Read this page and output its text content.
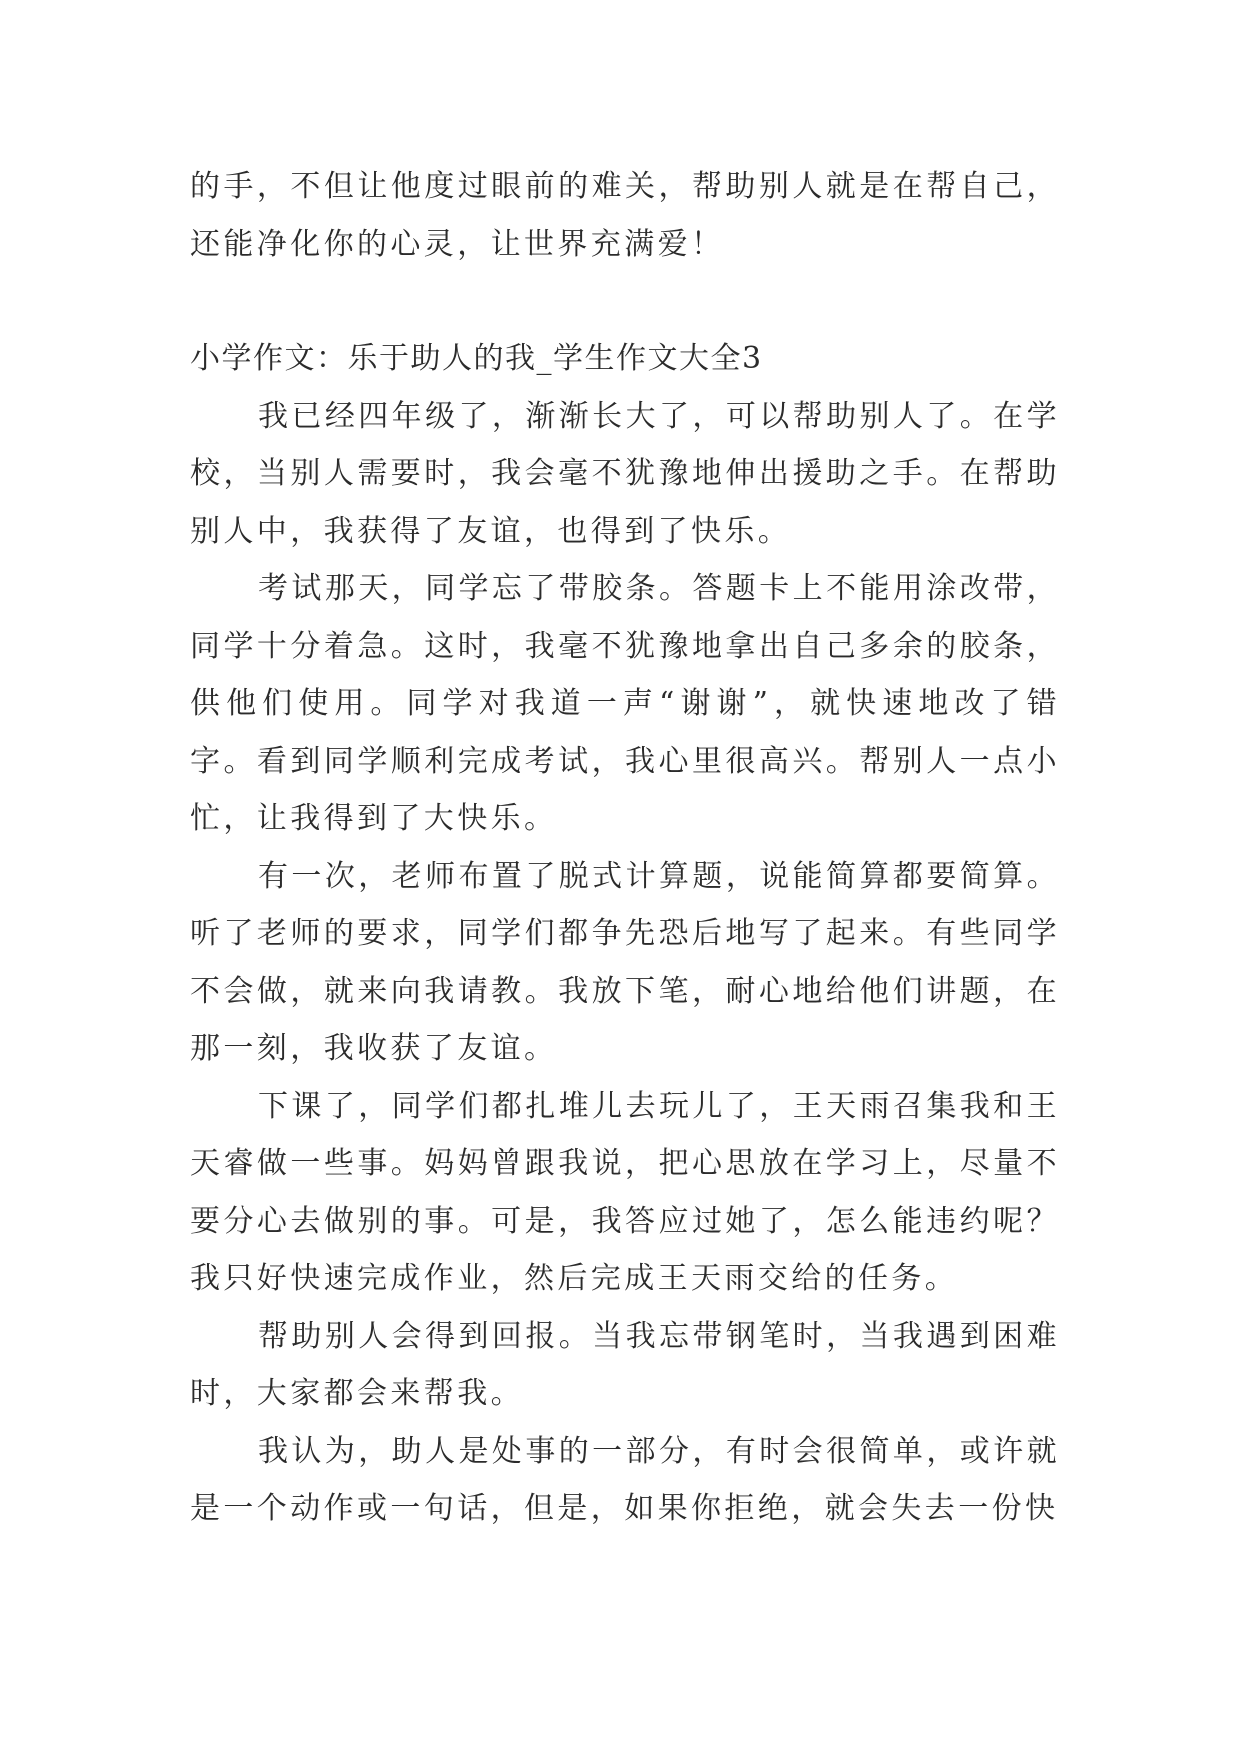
的手，不但让他度过眼前的难关，帮助别人就是在帮自己，还能净化你的心灵，让世界充满爱！

小学作文：乐于助人的我_学生作文大全3

我已经四年级了，渐渐长大了，可以帮助别人了。在学校，当别人需要时，我会毫不犹豫地伸出援助之手。在帮助别人中，我获得了友谊，也得到了快乐。

考试那天，同学忘了带胶条。答题卡上不能用涂改带，同学十分着急。这时，我毫不犹豫地拿出自己多余的胶条，供他们使用。同学对我道一声“谢谢”，就快速地改了错字。看到同学顺利完成考试，我心里很高兴。帮别人一点小忙，让我得到了大快乐。

有一次，老师布置了脱式计算题，说能简算都要简算。听了老师的要求，同学们都争先恐后地写了起来。有些同学不会做，就来向我请教。我放下笔，耐心地给他们讲题，在那一刻，我收获了友谊。

下课了，同学们都扎堆儿去玩儿了，王天雨召集我和王天睿做一些事。妈妈曾跟我说，把心思放在学习上，尽量不要分心去做别的事。可是，我答应过她了，怎么能违约呢？我只好快速完成作业，然后完成王天雨交给的任务。

帮助别人会得到回报。当我忘带钢笔时，当我遇到困难时，大家都会来帮我。

我认为，助人是处事的一部分，有时会很简单，或许就是一个动作或一句话，但是，如果你拒绝，就会失去一份快
